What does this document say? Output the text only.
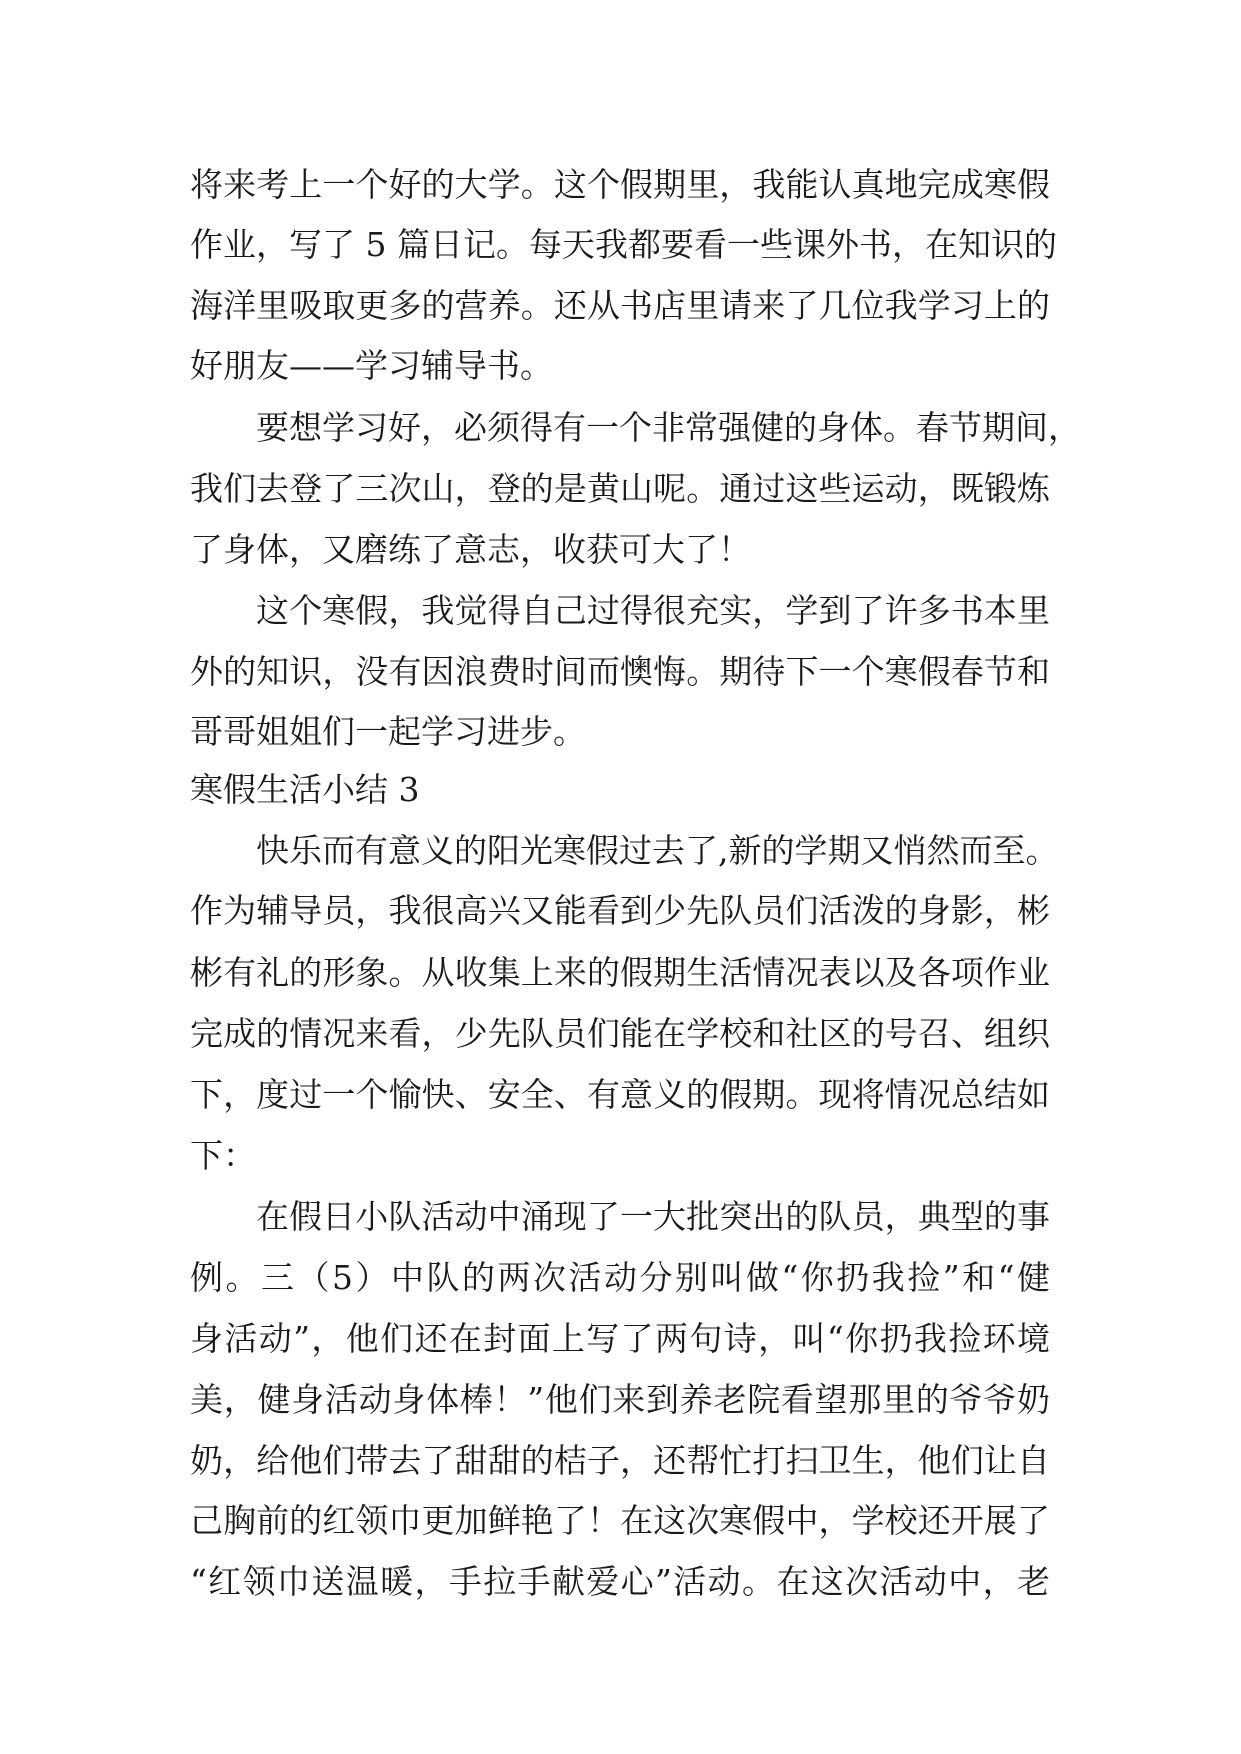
将来考上一个好的大学。这个假期里，我能认真地完成寒假
作业，写了 5 篇日记。每天我都要看一些课外书，在知识的
海洋里吸取更多的营养。还从书店里请来了几位我学习上的
好朋友——学习辅导书。
要想学习好，必须得有一个非常强健的身体。春节期间，
我们去登了三次山，登的是黄山呢。通过这些运动，既锻炼
了身体，又磨练了意志，收获可大了！
这个寒假，我觉得自己过得很充实，学到了许多书本里
外的知识，没有因浪费时间而懊悔。期待下一个寒假春节和
哥哥姐姐们一起学习进步。
寒假生活小结 3
快乐而有意义的阳光寒假过去了,新的学期又悄然而至。
作为辅导员，我很高兴又能看到少先队员们活泼的身影，彬
彬有礼的形象。从收集上来的假期生活情况表以及各项作业
完成的情况来看，少先队员们能在学校和社区的号召、组织
下，度过一个愉快、安全、有意义的假期。现将情况总结如
下：
在假日小队活动中涌现了一大批突出的队员，典型的事
例。三（5）中队的两次活动分别叫做“你扔我捡”和“健
身活动”，他们还在封面上写了两句诗，叫“你扔我捡环境
美，健身活动身体棒！”他们来到养老院看望那里的爷爷奶
奶，给他们带去了甜甜的桔子，还帮忙打扫卫生，他们让自
己胸前的红领巾更加鲜艳了！在这次寒假中，学校还开展了
“红领巾送温暖，手拉手献爱心”活动。在这次活动中，老
